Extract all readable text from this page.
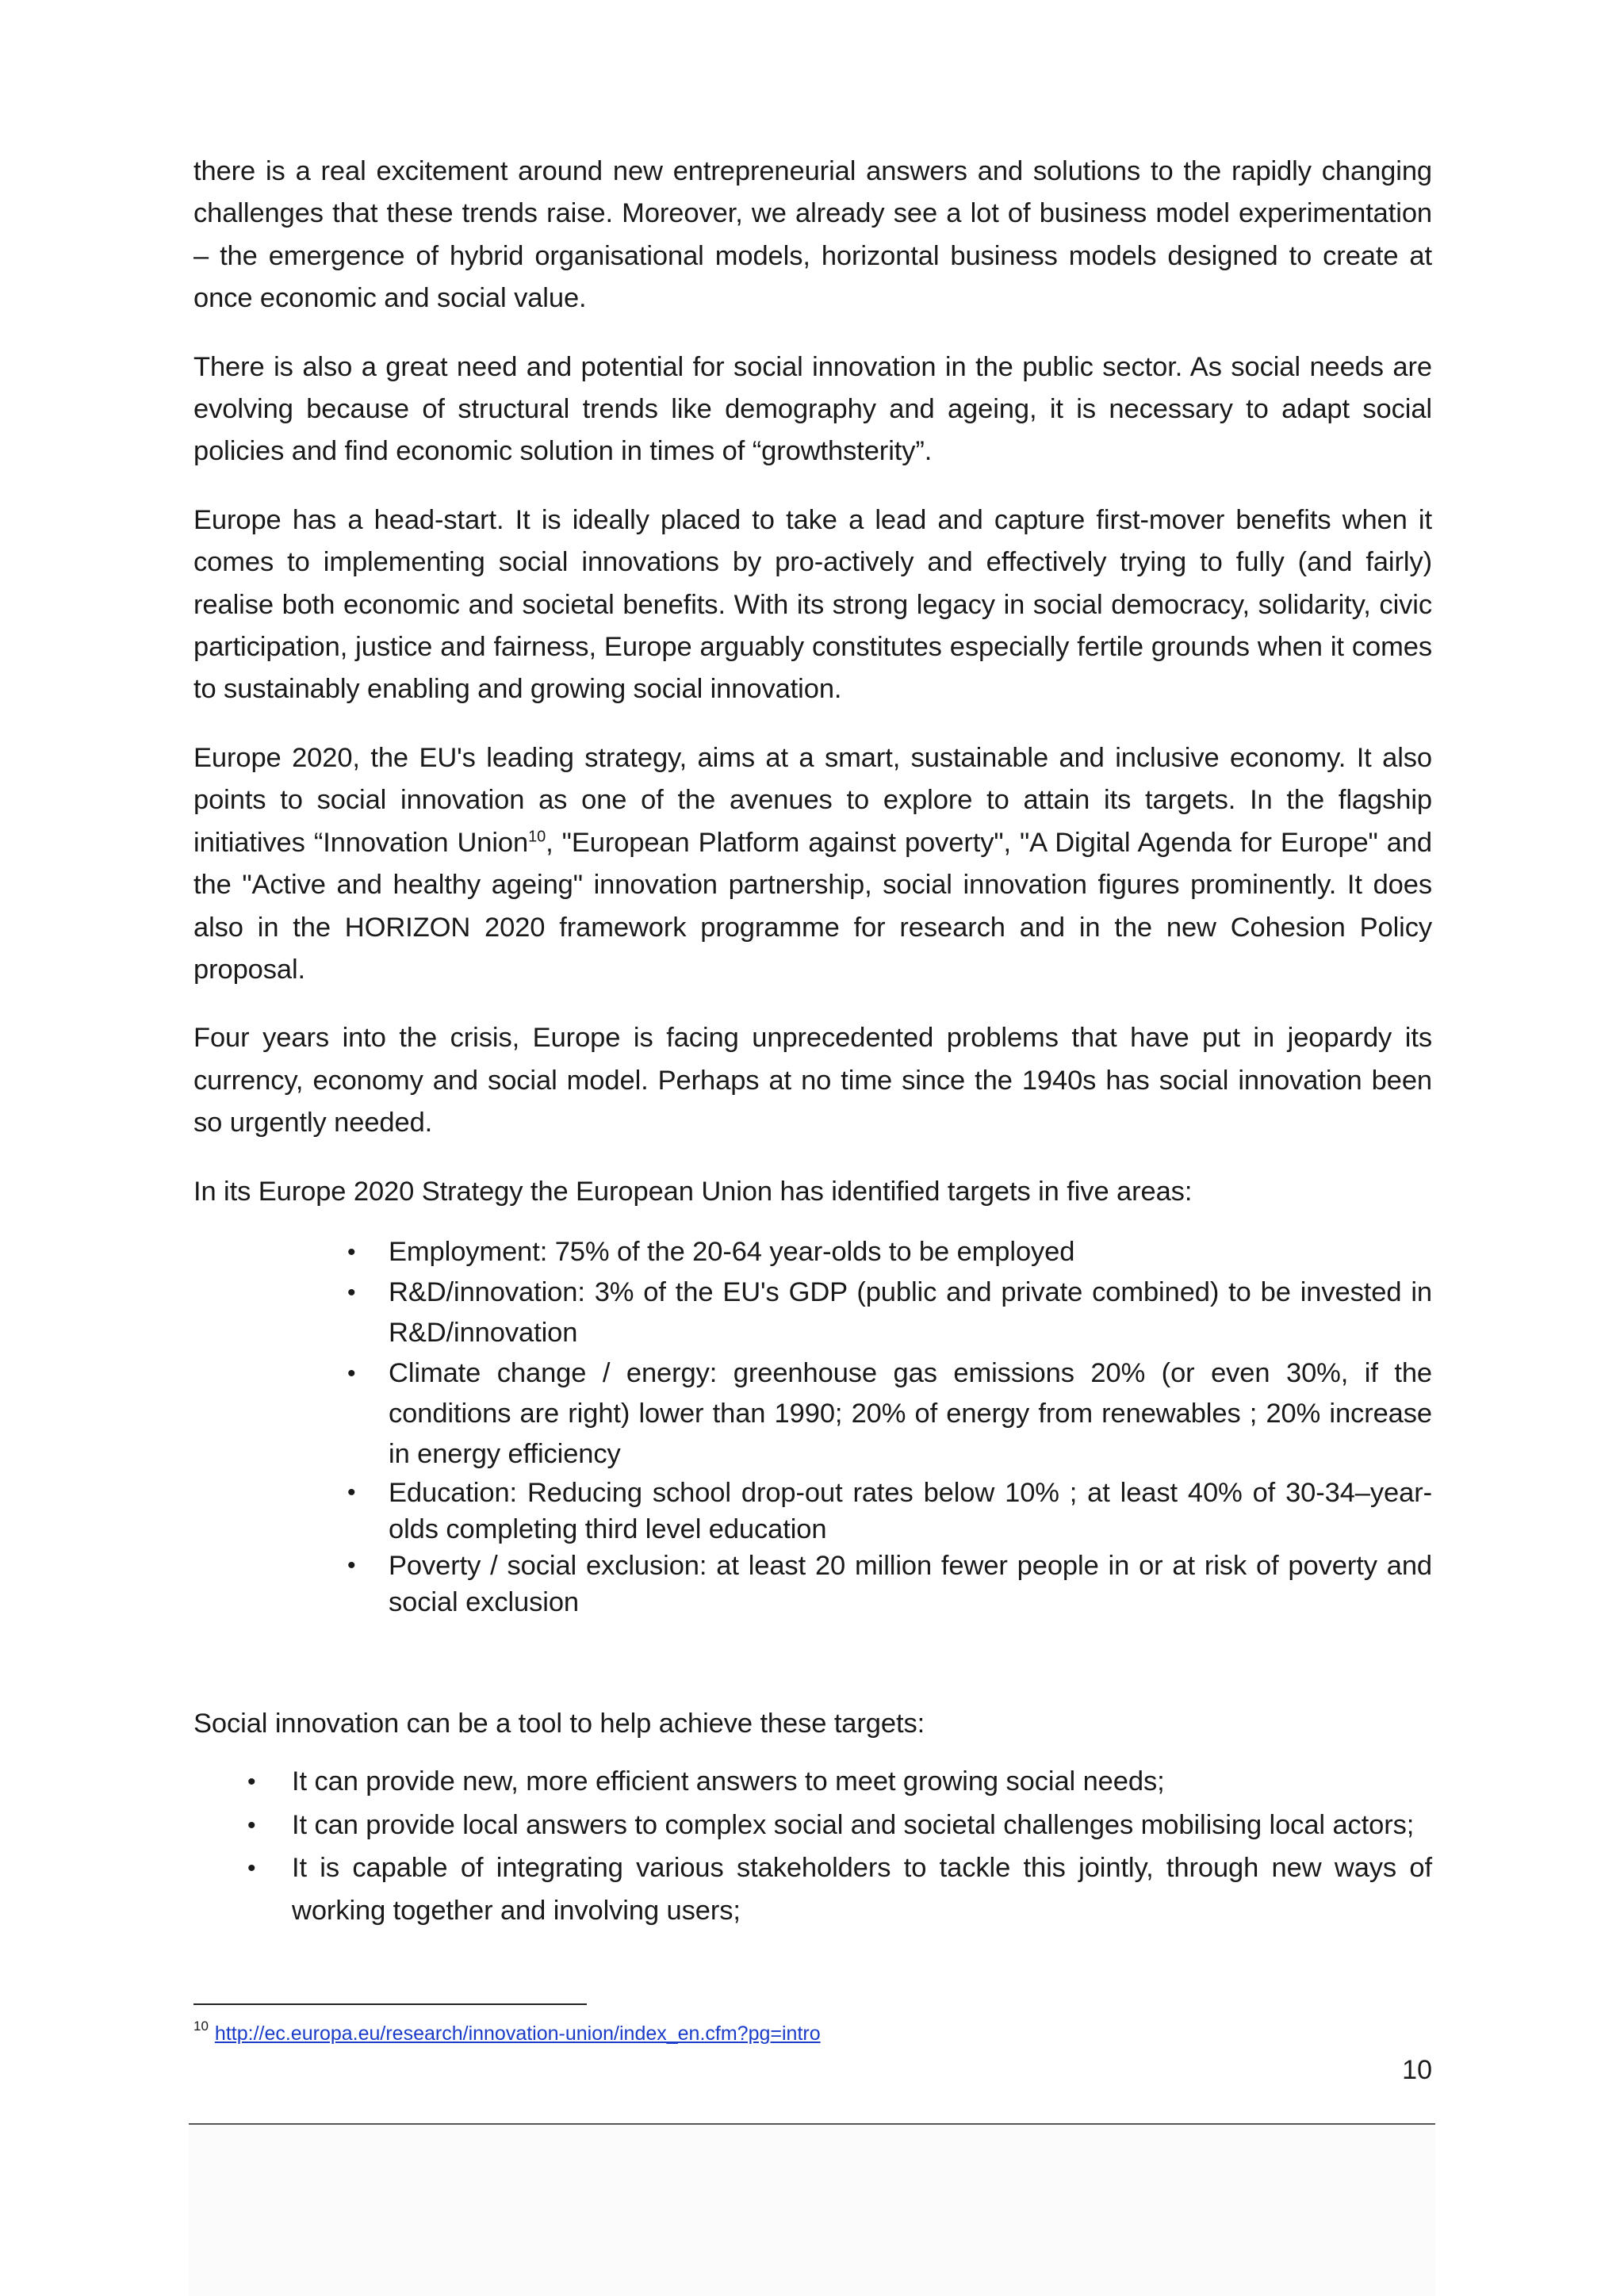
there is a real excitement around new entrepreneurial answers and solutions to the rapidly changing challenges that these trends raise. Moreover, we already see a lot of business model experimentation – the emergence of hybrid organisational models, horizontal business models designed to create at once economic and social value.

There is also a great need and potential for social innovation in the public sector. As social needs are evolving because of structural trends like demography and ageing, it is necessary to adapt social policies and find economic solution in times of “growthsterity”.

Europe has a head-start. It is ideally placed to take a lead and capture first-mover benefits when it comes to implementing social innovations by pro-actively and effectively trying to fully (and fairly) realise both economic and societal benefits. With its strong legacy in social democracy, solidarity, civic participation, justice and fairness, Europe arguably constitutes especially fertile grounds when it comes to sustainably enabling and growing social innovation.

Europe 2020, the EU's leading strategy, aims at a smart, sustainable and inclusive economy. It also points to social innovation as one of the avenues to explore to attain its targets. In the flagship initiatives “Innovation Union$^{10}$, "European Platform against poverty", "A Digital Agenda for Europe" and the "Active and healthy ageing" innovation partnership, social innovation figures prominently. It does also in the HORIZON 2020 framework programme for research and in the new Cohesion Policy proposal.

Four years into the crisis, Europe is facing unprecedented problems that have put in jeopardy its currency, economy and social model. Perhaps at no time since the 1940s has social innovation been so urgently needed.

In its Europe 2020 Strategy the European Union has identified targets in five areas:

• Employment: 75% of the 20-64 year-olds to be employed
• R&D/innovation: 3% of the EU's GDP (public and private combined) to be invested in R&D/innovation
• Climate change / energy: greenhouse gas emissions 20% (or even 30%, if the conditions are right) lower than 1990; 20% of energy from renewables ; 20% increase in energy efficiency
• Education: Reducing school drop-out rates below 10% ; at least 40% of 30-34–year-olds completing third level education
• Poverty / social exclusion: at least 20 million fewer people in or at risk of poverty and social exclusion

Social innovation can be a tool to help achieve these targets:

• It can provide new, more efficient answers to meet growing social needs;
• It can provide local answers to complex social and societal challenges mobilising local actors;
• It is capable of integrating various stakeholders to tackle this jointly, through new ways of working together and involving users;
$^{10}$ http://ec.europa.eu/research/innovation-union/index_en.cfm?pg=intro
10
